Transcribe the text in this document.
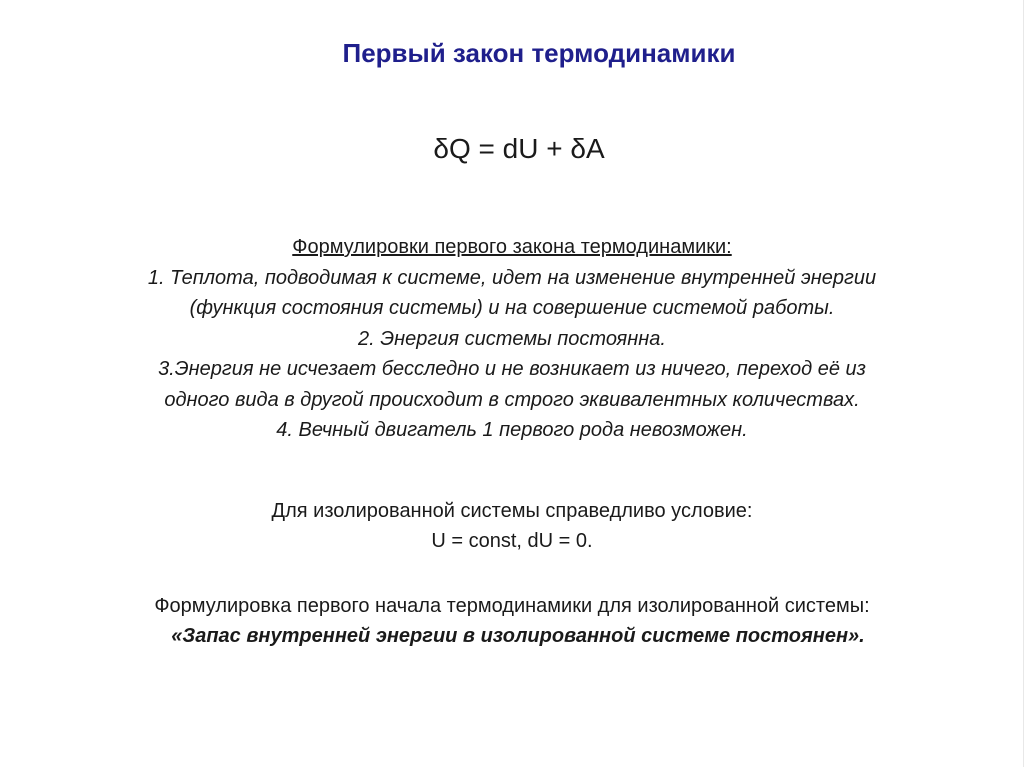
Первый закон термодинамики
δQ = dU + δA
Формулировки первого закона термодинамики:
1. Теплота, подводимая к системе, идет на изменение внутренней энергии
(функция состояния системы) и на совершение системой работы.
2. Энергия системы постоянна.
3.Энергия не исчезает бесследно и не возникает из ничего, переход её из
одного вида в другой происходит в строго эквивалентных количествах.
4. Вечный двигатель 1 первого рода невозможен.
Для изолированной системы справедливо условие:
U = const, dU = 0.
Формулировка первого начала термодинамики для изолированной системы:
«Запас внутренней энергии в изолированной системе постоянен».
